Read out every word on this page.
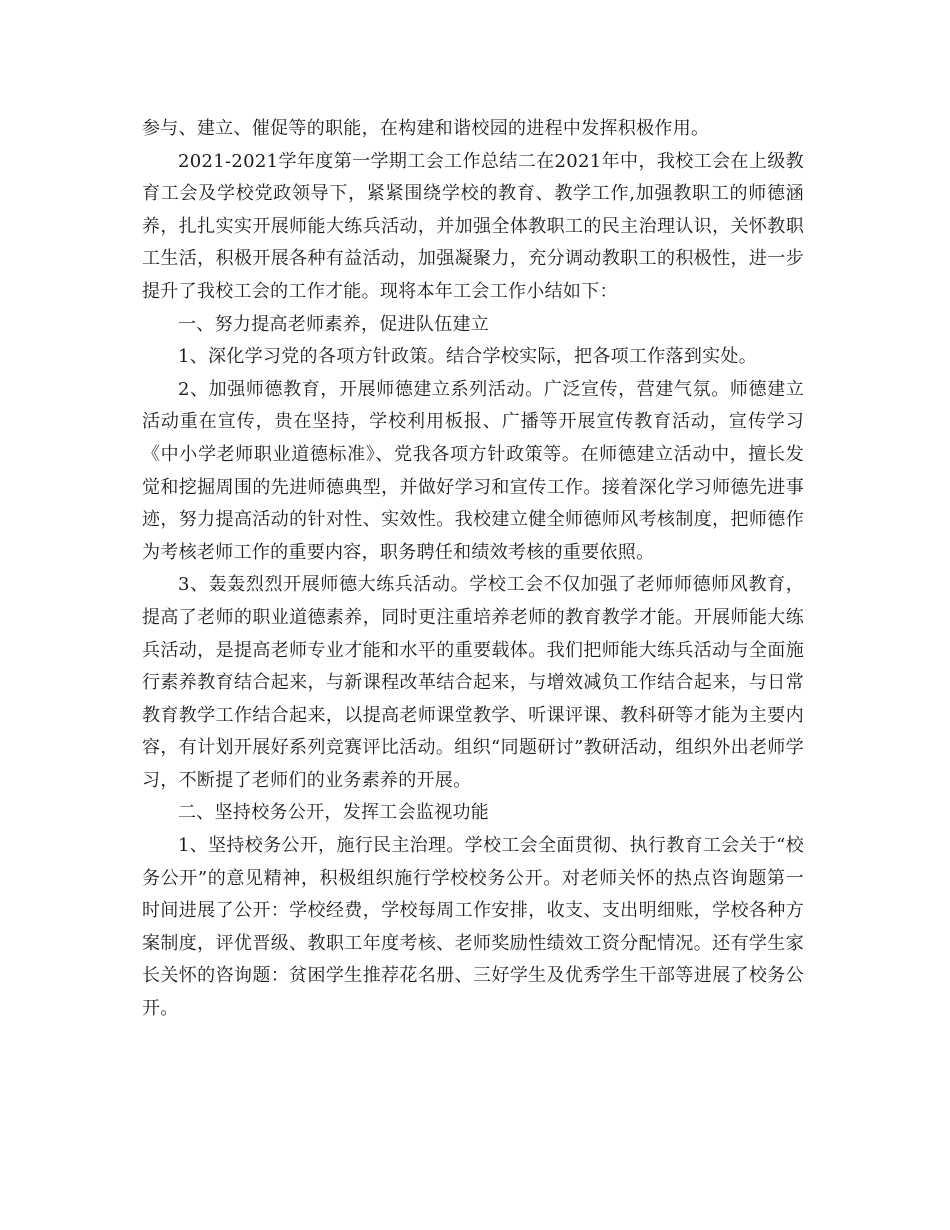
参与、建立、催促等的职能，在构建和谐校园的进程中发挥积极作用。

2021-2021学年度第一学期工会工作总结二在2021年中，我校工会在上级教育工会及学校党政领导下，紧紧围绕学校的教育、教学工作,加强教职工的师德涵养，扎扎实实开展师能大练兵活动，并加强全体教职工的民主治理认识，关怀教职工生活，积极开展各种有益活动，加强凝聚力，充分调动教职工的积极性，进一步提升了我校工会的工作才能。现将本年工会工作小结如下：

一、努力提高老师素养，促进队伍建立

1、深化学习党的各项方针政策。结合学校实际，把各项工作落到实处。

2、加强师德教育，开展师德建立系列活动。广泛宣传，营建气氛。师德建立活动重在宣传，贵在坚持，学校利用板报、广播等开展宣传教育活动，宣传学习《中小学老师职业道德标准》、党我各项方针政策等。在师德建立活动中，擅长发觉和挖掘周围的先进师德典型，并做好学习和宣传工作。接着深化学习师德先进事迹，努力提高活动的针对性、实效性。我校建立健全师德师风考核制度，把师德作为考核老师工作的重要内容，职务聘任和绩效考核的重要依照。

3、轰轰烈烈开展师德大练兵活动。学校工会不仅加强了老师师德师风教育，提高了老师的职业道德素养，同时更注重培养老师的教育教学才能。开展师能大练兵活动，是提高老师专业才能和水平的重要载体。我们把师能大练兵活动与全面施行素养教育结合起来，与新课程改革结合起来，与增效减负工作结合起来，与日常教育教学工作结合起来，以提高老师课堂教学、听课评课、教科研等才能为主要内容，有计划开展好系列竞赛评比活动。组织“同题研讨”教研活动，组织外出老师学习，不断提了老师们的业务素养的开展。

二、坚持校务公开，发挥工会监视功能

1、坚持校务公开，施行民主治理。学校工会全面贯彻、执行教育工会关于“校务公开”的意见精神，积极组织施行学校校务公开。对老师关怀的热点咨询题第一时间进展了公开：学校经费，学校每周工作安排，收支、支出明细账，学校各种方案制度，评优晋级、教职工年度考核、老师奖励性绩效工资分配情况。还有学生家长关怀的咨询题：贫困学生推荐花名册、三好学生及优秀学生干部等进展了校务公开。
